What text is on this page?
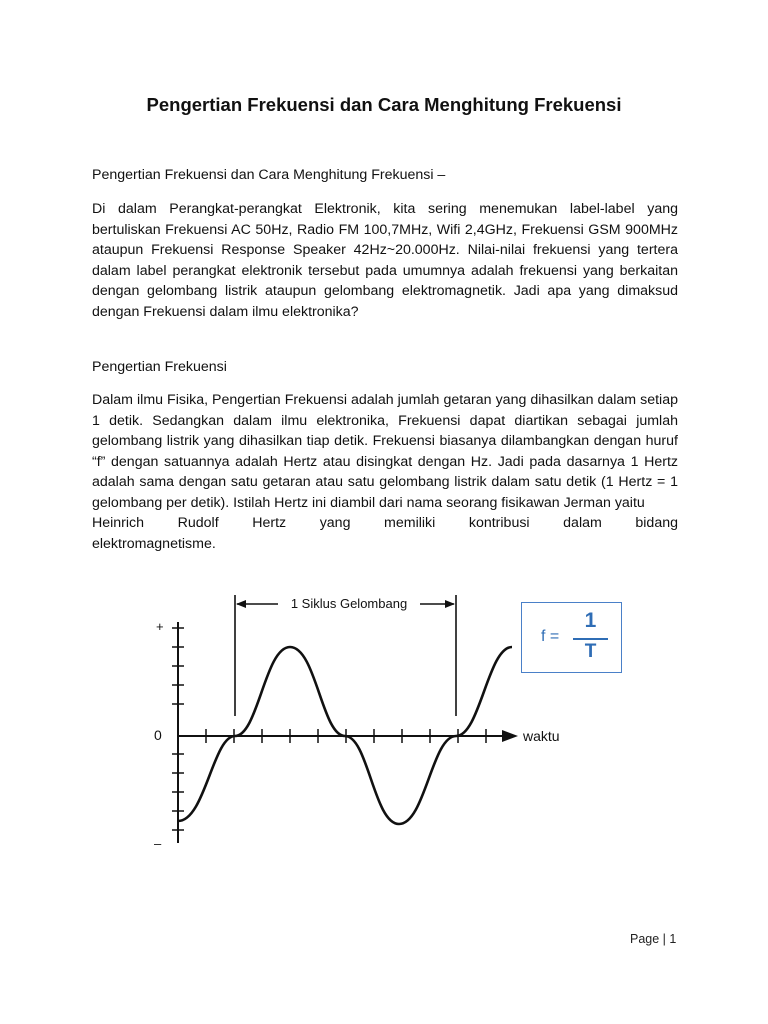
Pengertian Frekuensi dan Cara Menghitung Frekuensi
Pengertian Frekuensi dan Cara Menghitung Frekuensi –
Di dalam Perangkat-perangkat Elektronik, kita sering menemukan label-label yang bertuliskan Frekuensi AC 50Hz, Radio FM 100,7MHz, Wifi 2,4GHz, Frekuensi GSM 900MHz ataupun Frekuensi Response Speaker 42Hz~20.000Hz. Nilai-nilai frekuensi yang tertera dalam label perangkat elektronik tersebut pada umumnya adalah frekuensi yang berkaitan dengan gelombang listrik ataupun gelombang elektromagnetik. Jadi apa yang dimaksud dengan Frekuensi dalam ilmu elektronika?
Pengertian Frekuensi
Dalam ilmu Fisika, Pengertian Frekuensi adalah jumlah getaran yang dihasilkan dalam setiap 1 detik. Sedangkan dalam ilmu elektronika, Frekuensi dapat diartikan sebagai jumlah gelombang listrik yang dihasilkan tiap detik. Frekuensi biasanya dilambangkan dengan huruf “f” dengan satuannya adalah Hertz atau disingkat dengan Hz. Jadi pada dasarnya 1 Hertz adalah sama dengan satu getaran atau satu gelombang listrik dalam satu detik (1 Hertz = 1 gelombang per detik). Istilah Hertz ini diambil dari nama seorang fisikawan Jerman yaitu
Heinrich Rudolf Hertz yang memiliki kontribusi dalam bidang
elektromagnetisme.
1 Siklus Gelombang
+
0
–
waktu
f =
1
T
Page | 1
